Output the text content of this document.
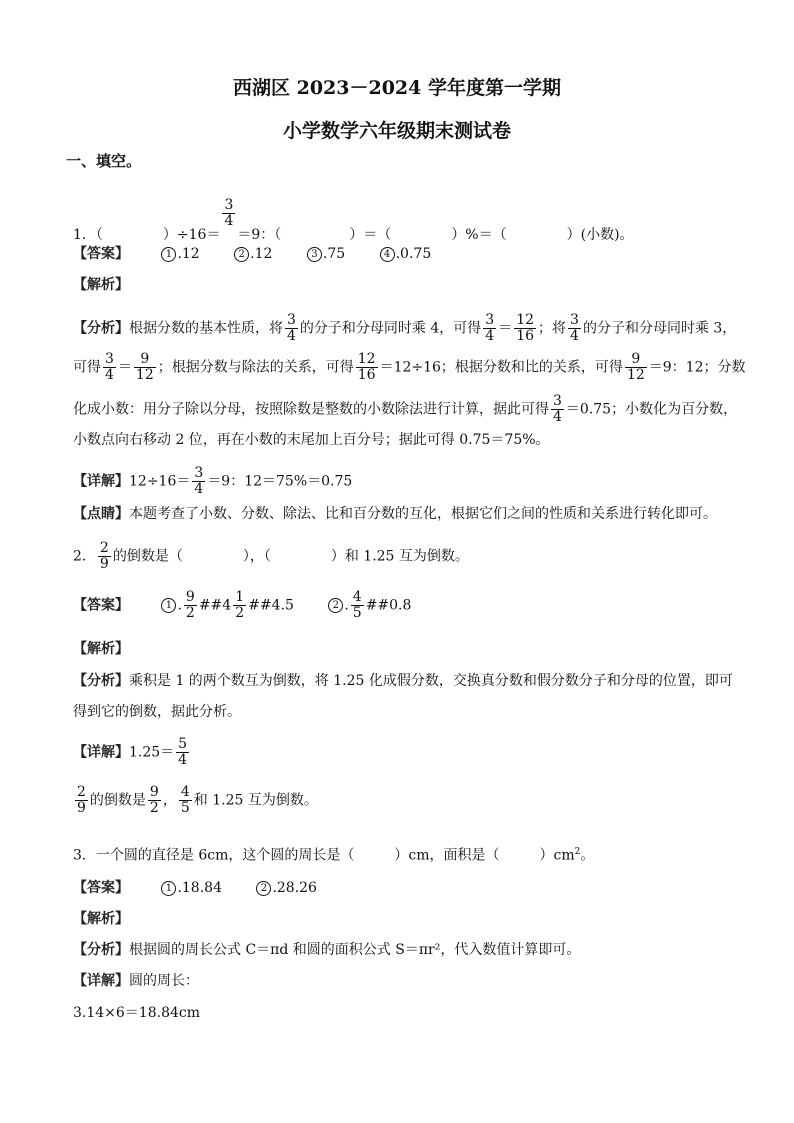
西湖区 2023－2024 学年度第一学期
小学数学六年级期末测试卷
一、填空。
1．（	）÷16＝
$\frac{3}{4}$
＝9：（	）＝（	）%＝（	）(小数)。
【答案】	1 .12	2 .12	3 .75	4 .0.75
【解析】
【分析】根据分数的基本性质，将 $\frac{3}{4}$ 的分子和分母同时乘 4，可得 $\frac{3}{4} = \frac{12}{16}$ ；将 $\frac{3}{4}$ 的分子和分母同时乘 3，
可得 $\frac{3}{4} = \frac{9}{12}$ ；根据分数与除法的关系，可得 $\frac{12}{16} =12\div 16$；根据分数和比的关系，可得 $\frac{9}{12} =9$：12；分数
化成小数：用分子除以分母，按照除数是整数的小数除法进行计算，据此可得 $\frac{3}{4} =0.75$；小数化为百分数，
小数点向右移动 2 位，再在小数的末尾加上百分号；据此可得 0.75＝75%。
【详解】$12\div 16= \frac{3}{4} =9$：12＝75%＝0.75
【点睛】本题考查了小数、分数、除法、比和百分数的互化，根据它们之间的性质和关系进行转化即可。
2． $\frac{2}{9}$ 的倒数是（	），（	）和 1.25 互为倒数。
【答案】	1 . $\frac{9}{2}$ ##4 $\frac{1}{2}$ ##4.5	2 . $\frac{4}{5}$ ##0.8
【解析】
【分析】乘积是 1 的两个数互为倒数，将 1.25 化成假分数，交换真分数和假分数分子和分母的位置，即可
得到它的倒数，据此分析。
【详解】$1.25= \frac{5}{4}$
$\frac{2}{9}$ 的倒数是 $\frac{9}{2}$ ， $\frac{4}{5}$ 和 1.25 互为倒数。
3．一个圆的直径是 6cm，这个圆的周长是（	）cm，面积是（	）$cm^2$。
【答案】	1 .18.84	2 .28.26
【解析】
【分析】根据圆的周长公式 C＝πd 和圆的面积公式 S＝πr²，代入数值计算即可。
【详解】圆的周长：
3.14×6＝18.84cm
